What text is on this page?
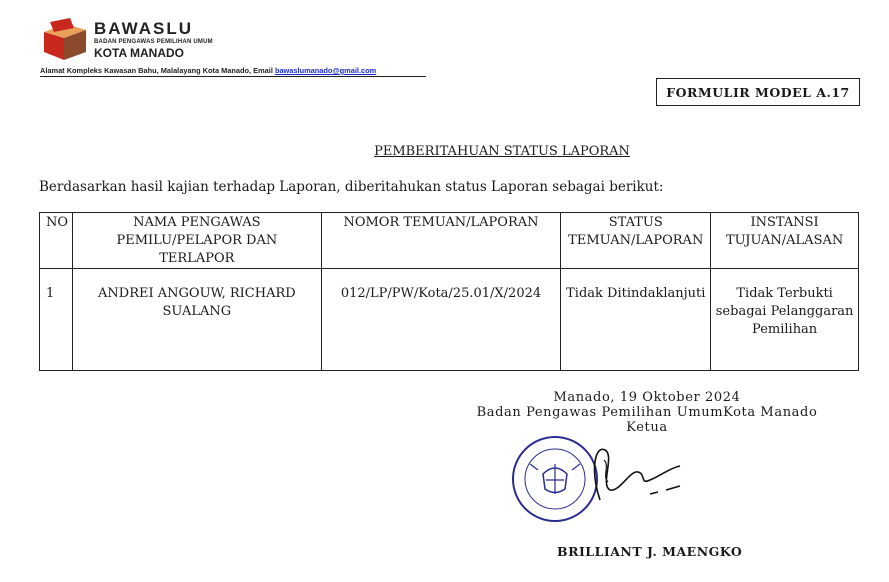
BAWASLU
BADAN PENGAWAS PEMILIHAN UMUM
KOTA MANADO
Alamat Kompleks Kawasan Bahu, Malalayang Kota Manado, Email bawaslumanado@gmail.com
FORMULIR MODEL A.17
PEMBERITAHUAN STATUS LAPORAN
Berdasarkan hasil kajian terhadap Laporan, diberitahukan status Laporan sebagai berikut:
NO	NAMA PENGAWAS PEMILU/PELAPOR DAN TERLAPOR	NOMOR TEMUAN/LAPORAN	STATUS TEMUAN/LAPORAN	INSTANSI TUJUAN/ALASAN
1	ANDREI ANGOUW, RICHARD SUALANG	012/LP/PW/Kota/25.01/X/2024	Tidak Ditindaklanjuti	Tidak Terbukti sebagai Pelanggaran Pemilihan
Manado, 19 Oktober 2024
Badan Pengawas Pemilihan UmumKota Manado
Ketua
BRILLIANT J. MAENGKO
